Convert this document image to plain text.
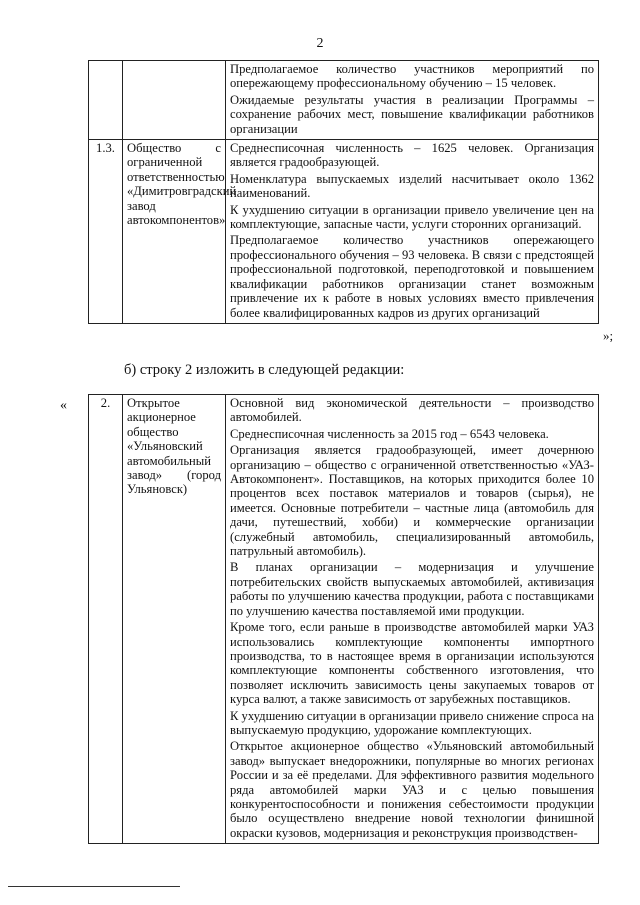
2

		Предполагаемое количество участников мероприятий по опережающему профессиональному обучению – 15 человек.

Ожидаемые результаты участия в реализации Программы – сохранение рабочих мест, повышение квалификации работников организации

1.3.	Общество с ограниченной ответственностью «Димитровградский завод автокомпонентов»	Среднесписочная численность – 1625 человек. Организация является градообразующей.

Номенклатура выпускаемых изделий насчитывает около 1362 наименований.

К ухудшению ситуации в организации привело увеличение цен на комплектующие, запасные части, услуги сторонних организаций.

Предполагаемое количество участников опережающего профессионального обучения – 93 человека. В связи с предстоящей профессиональной подготовкой, переподготовкой и повышением квалификации работников организации станет возможным привлечение их к работе в новых условиях вместо привлечения более квалифицированных кадров из других организаций

»;
б) строку 2 изложить в следующей редакции:
«	2.	Открытое акционерное общество «Ульяновский автомобильный завод» (город Ульяновск)	

Основной вид экономической деятельности – производство автомобилей.

Среднесписочная численность за 2015 год – 6543 человека.

Организация является градообразующей, имеет дочернюю организацию – общество с ограниченной ответственностью «УАЗ-Автокомпонент». Поставщиков, на которых приходится более 10 процентов всех поставок материалов и товаров (сырья), не имеется. Основные потребители – частные лица (автомобиль для дачи, путешествий, хобби) и коммерческие организации (служебный автомобиль, специализированный автомобиль, патрульный автомобиль).

В планах организации – модернизация и улучшение потребительских свойств выпускаемых автомобилей, активизация работы по улучшению качества продукции, работа с поставщиками по улучшению качества поставляемой ими продукции.

Кроме того, если раньше в производстве автомобилей марки УАЗ использовались комплектующие компоненты импортного производства, то в настоящее время в организации используются комплектующие компоненты собственного изготовления, что позволяет исключить зависимость цены закупаемых товаров от курса валют, а также зависимость от зарубежных поставщиков.

К ухудшению ситуации в организации привело снижение спроса на выпускаемую продукцию, удорожание комплектующих.

Открытое акционерное общество «Ульяновский автомобильный завод» выпускает внедорожники, популярные во многих регионах России и за её пределами. Для эффективного развития модельного ряда автомобилей марки УАЗ и с целью повышения конкурентоспособности и понижения себестоимости продукции было осуществлено внедрение новой технологии финишной окраски кузовов, модернизация и реконструкция производствен-
